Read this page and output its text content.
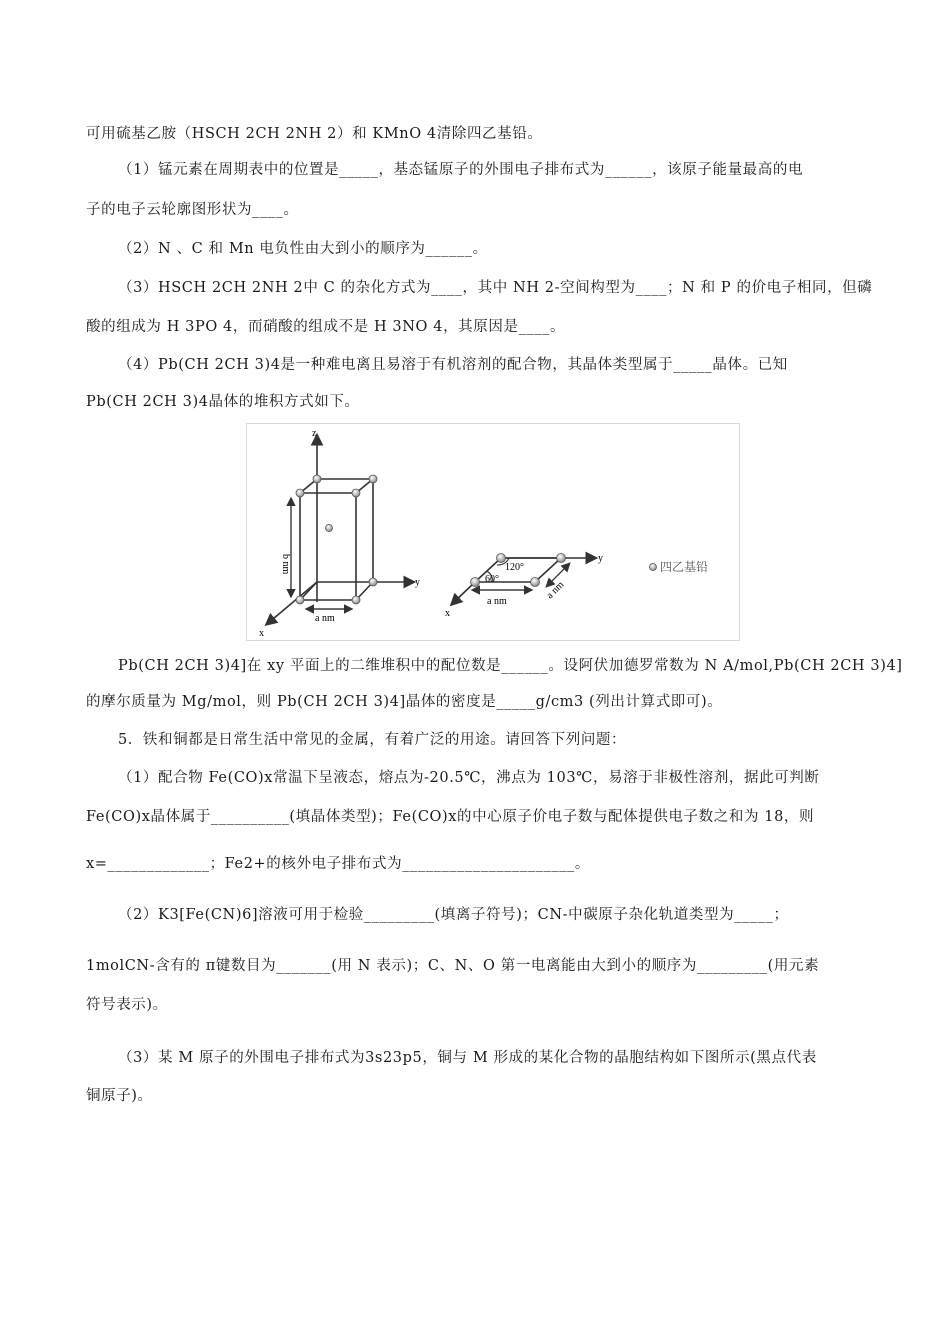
可用硫基乙胺（HSCH 2CH 2NH 2）和 KMnO 4清除四乙基铅。
（1）锰元素在周期表中的位置是_____，基态锰原子的外围电子排布式为______，该原子能量最高的电
子的电子云轮廓图形状为____。
（2）N 、C 和 Mn 电负性由大到小的顺序为______。
（3）HSCH 2CH 2NH 2中 C 的杂化方式为____，其中 NH 2-空间构型为____；N 和 P 的价电子相同，但磷
酸的组成为 H 3PO 4，而硝酸的组成不是 H 3NO 4，其原因是____。
（4）Pb(CH 2CH 3)4是一种难电离且易溶于有机溶剂的配合物，其晶体类型属于_____晶体。已知
Pb(CH 2CH 3)4晶体的堆积方式如下。
z
y
x
b nm
a nm
y
x
a nm
a nm
120°
60°
四乙基铅
Pb(CH 2CH 3)4]在 xy 平面上的二维堆积中的配位数是______。设阿伏加德罗常数为 N A/mol,Pb(CH 2CH 3)4]
的摩尔质量为 Mg/mol，则 Pb(CH 2CH 3)4]晶体的密度是_____g/cm3 (列出计算式即可)。
5．铁和铜都是日常生活中常见的金属，有着广泛的用途。请回答下列问题：
（1）配合物 Fe(CO)x常温下呈液态，熔点为-20.5℃，沸点为 103℃，易溶于非极性溶剂，据此可判断
Fe(CO)x晶体属于__________(填晶体类型)；Fe(CO)x的中心原子价电子数与配体提供电子数之和为 18，则
x=_____________；Fe2+的核外电子排布式为______________________。
（2）K3[Fe(CN)6]溶液可用于检验_________(填离子符号)；CN-中碳原子杂化轨道类型为_____；
1molCN-含有的 π键数目为_______(用 N 表示)；C、N、O 第一电离能由大到小的顺序为_________(用元素
符号表示)。
（3）某 M 原子的外围电子排布式为3s23p5，铜与 M 形成的某化合物的晶胞结构如下图所示(黑点代表
铜原子)。
